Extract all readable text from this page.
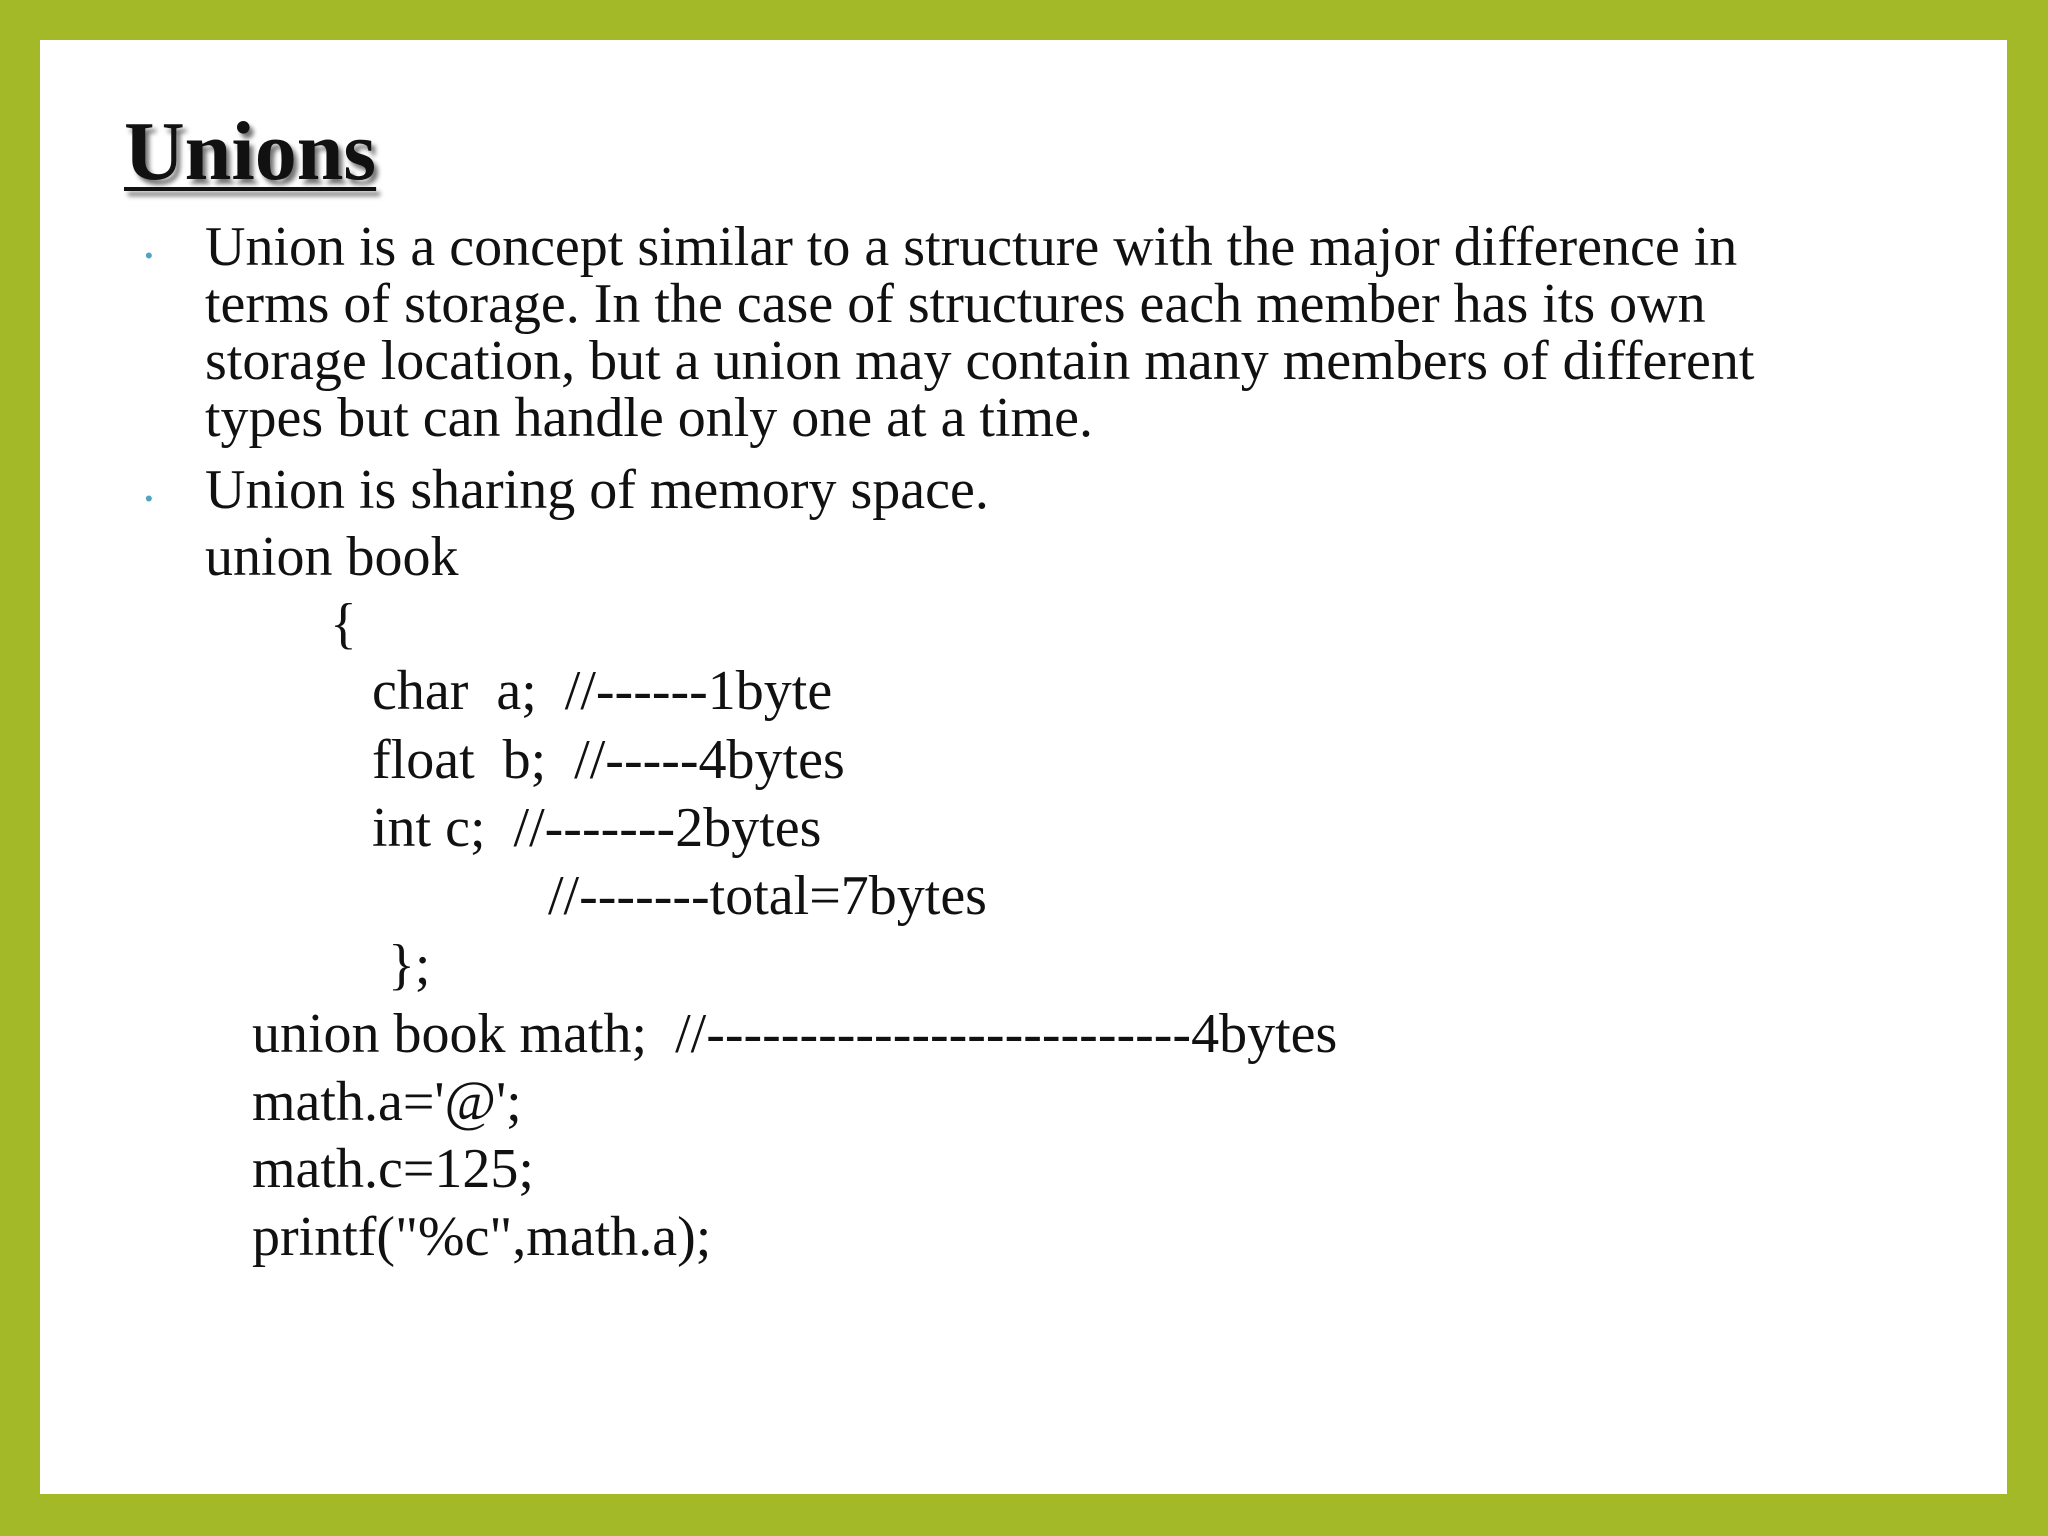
Unions
• Union is a concept similar to a structure with the major difference in

terms of storage. In the case of structures each member has its own

storage location, but a union may contain many members of different

types but can handle only one at a time.

• Union is sharing of memory space.

union book

{

char  a;  //------1byte

float  b;  //-----4bytes

int c;  //-------2bytes

//-------total=7bytes

};

union book math;  //--------------------------4bytes

math.a='@';

math.c=125;

printf("%c",math.a);
